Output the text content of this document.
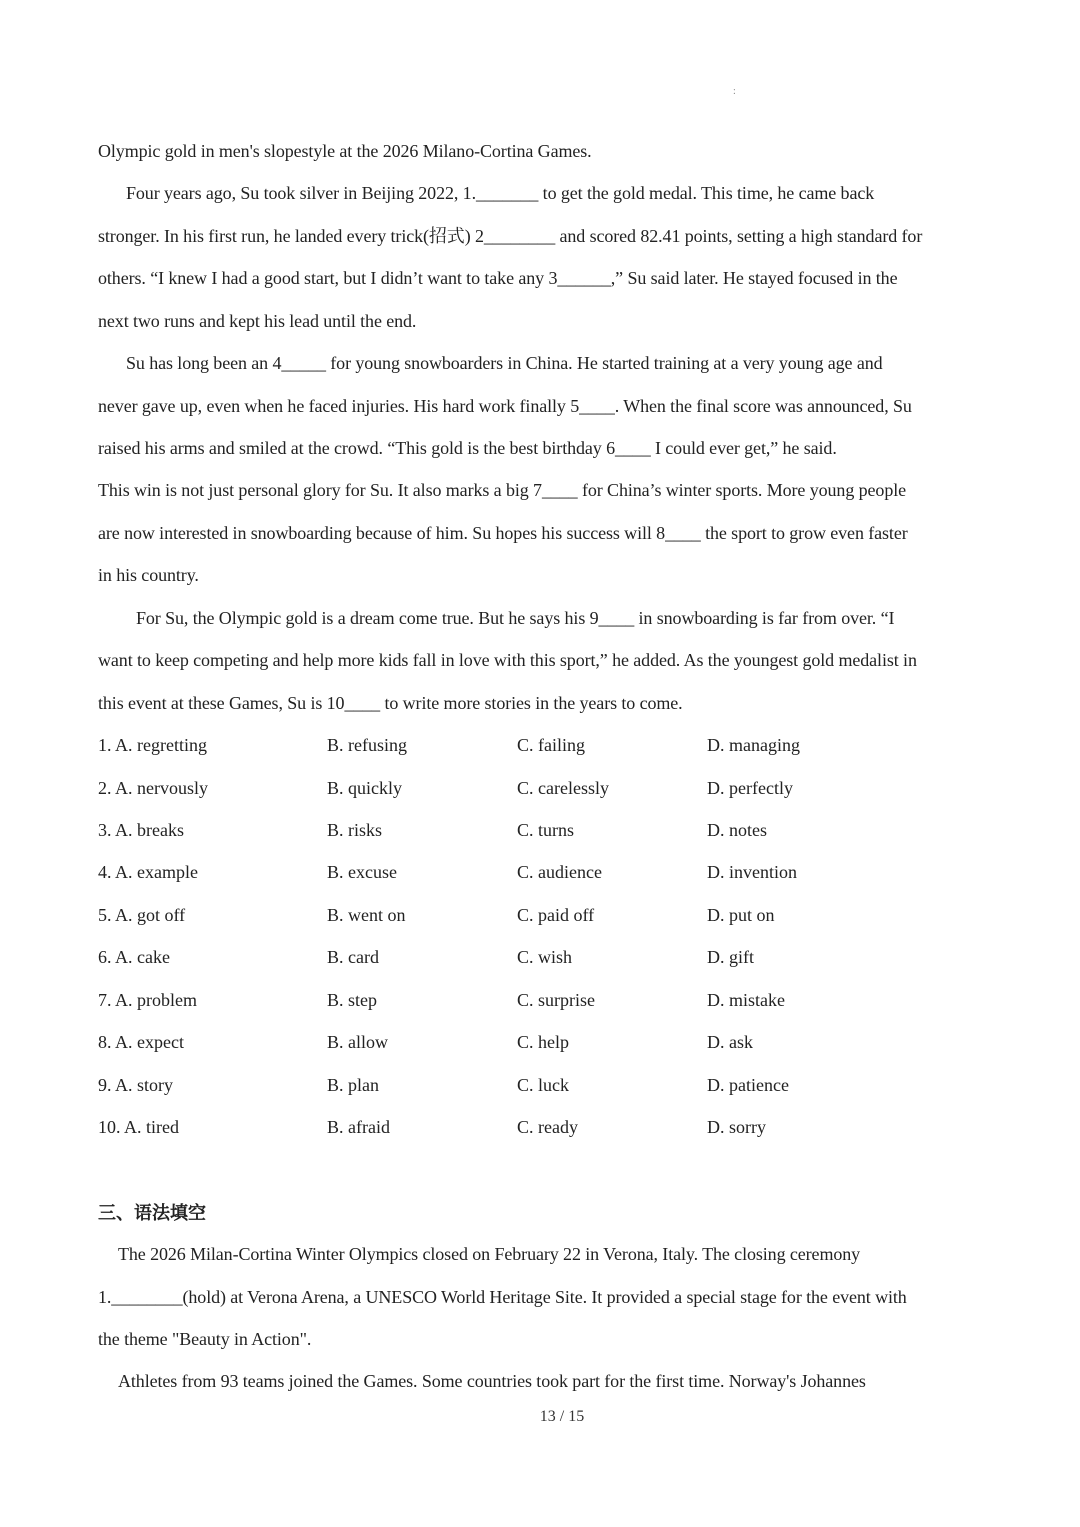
:
Olympic gold in men's slopestyle at the 2026 Milano-Cortina Games.
Four years ago, Su took silver in Beijing 2022, 1._______ to get the gold medal. This time, he came back
stronger. In his first run, he landed every trick(招式) 2________ and scored 82.41 points, setting a high standard for
others. “I knew I had a good start, but I didn’t want to take any 3______,” Su said later. He stayed focused in the
next two runs and kept his lead until the end.
Su has long been an 4_____ for young snowboarders in China. He started training at a very young age and
never gave up, even when he faced injuries. His hard work finally 5____. When the final score was announced, Su
raised his arms and smiled at the crowd. “This gold is the best birthday 6____ I could ever get,” he said.
This win is not just personal glory for Su. It also marks a big 7____ for China’s winter sports. More young people
are now interested in snowboarding because of him. Su hopes his success will 8____ the sport to grow even faster
in his country.
For Su, the Olympic gold is a dream come true. But he says his 9____ in snowboarding is far from over. “I
want to keep competing and help more kids fall in love with this sport,” he added. As the youngest gold medalist in
this event at these Games, Su is 10____ to write more stories in the years to come.
1. A. regretting	B. refusing	C. failing	D. managing
2. A. nervously	B. quickly	C. carelessly	D. perfectly
3. A. breaks	B. risks	C. turns	D. notes
4. A. example	B. excuse	C. audience	D. invention
5. A. got off	B. went on	C. paid off	D. put on
6. A. cake	B. card	C. wish	D. gift
7. A. problem	B. step	C. surprise	D. mistake
8. A. expect	B. allow	C. help	D. ask
9. A. story	B. plan	C. luck	D. patience
10. A. tired	B. afraid	C. ready	D. sorry
三、语法填空
The 2026 Milan-Cortina Winter Olympics closed on February 22 in Verona, Italy. The closing ceremony
1.________(hold) at Verona Arena, a UNESCO World Heritage Site. It provided a special stage for the event with
the theme "Beauty in Action".
Athletes from 93 teams joined the Games. Some countries took part for the first time. Norway's Johannes
13 / 15
